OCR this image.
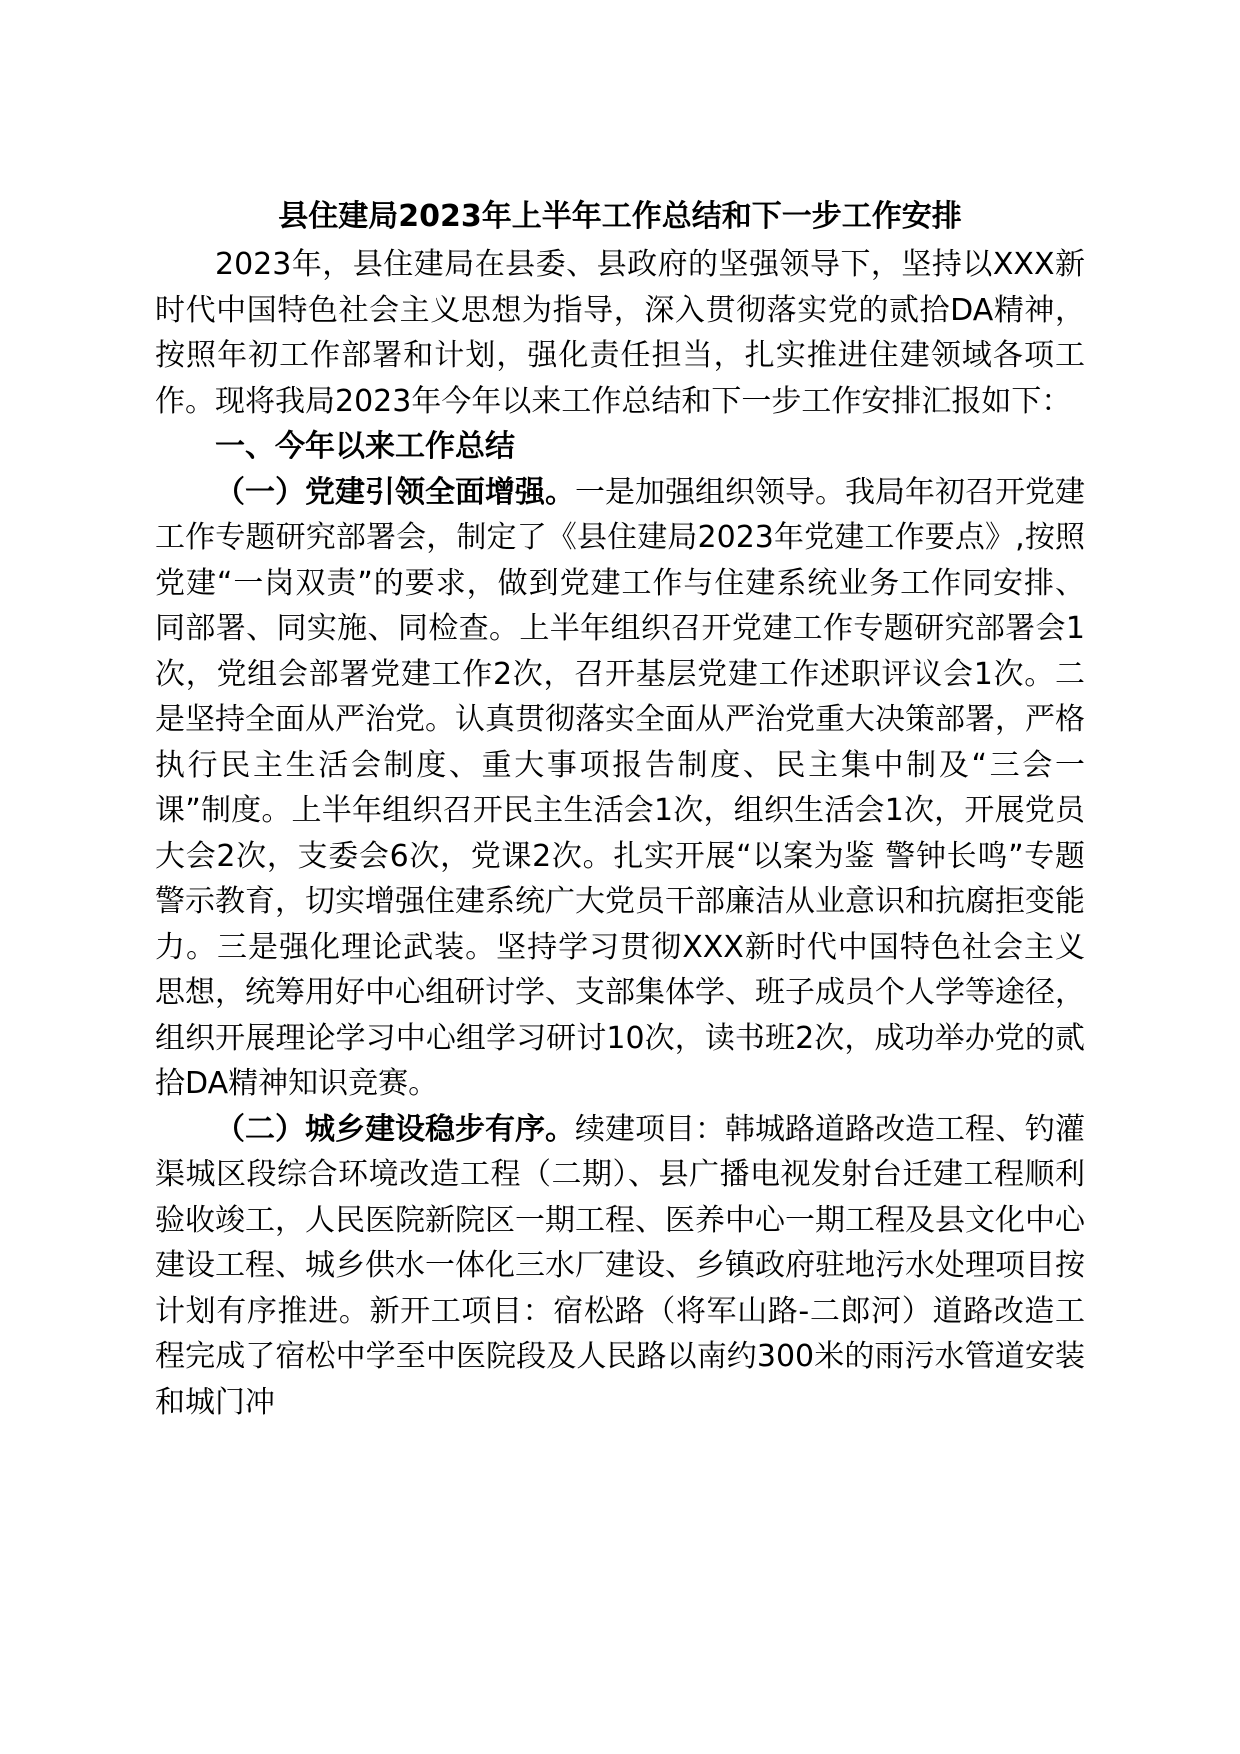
县住建局2023年上半年工作总结和下一步工作安排

2023年，县住建局在县委、县政府的坚强领导下，坚持以XXX新时代中国特色社会主义思想为指导，深入贯彻落实党的贰拾DA精神，按照年初工作部署和计划，强化责任担当，扎实推进住建领域各项工作。现将我局2023年今年以来工作总结和下一步工作安排汇报如下：

一、今年以来工作总结

（一）党建引领全面增强。一是加强组织领导。我局年初召开党建工作专题研究部署会，制定了《县住建局2023年党建工作要点》,按照党建“一岗双责”的要求，做到党建工作与住建系统业务工作同安排、同部署、同实施、同检查。上半年组织召开党建工作专题研究部署会1次，党组会部署党建工作2次，召开基层党建工作述职评议会1次。二是坚持全面从严治党。认真贯彻落实全面从严治党重大决策部署，严格执行民主生活会制度、重大事项报告制度、民主集中制及“三会一课”制度。上半年组织召开民主生活会1次，组织生活会1次，开展党员大会2次，支委会6次，党课2次。扎实开展“以案为鉴 警钟长鸣”专题警示教育，切实增强住建系统广大党员干部廉洁从业意识和抗腐拒变能力。三是强化理论武装。坚持学习贯彻XXX新时代中国特色社会主义思想，统筹用好中心组研讨学、支部集体学、班子成员个人学等途径，组织开展理论学习中心组学习研讨10次，读书班2次，成功举办党的贰拾DA精神知识竞赛。

（二）城乡建设稳步有序。续建项目：韩城路道路改造工程、钓灌渠城区段综合环境改造工程（二期）、县广播电视发射台迁建工程顺利验收竣工，人民医院新院区一期工程、医养中心一期工程及县文化中心建设工程、城乡供水一体化三水厂建设、乡镇政府驻地污水处理项目按计划有序推进。新开工项目：宿松路（将军山路-二郎河）道路改造工程完成了宿松中学至中医院段及人民路以南约300米的雨污水管道安装和城门冲
